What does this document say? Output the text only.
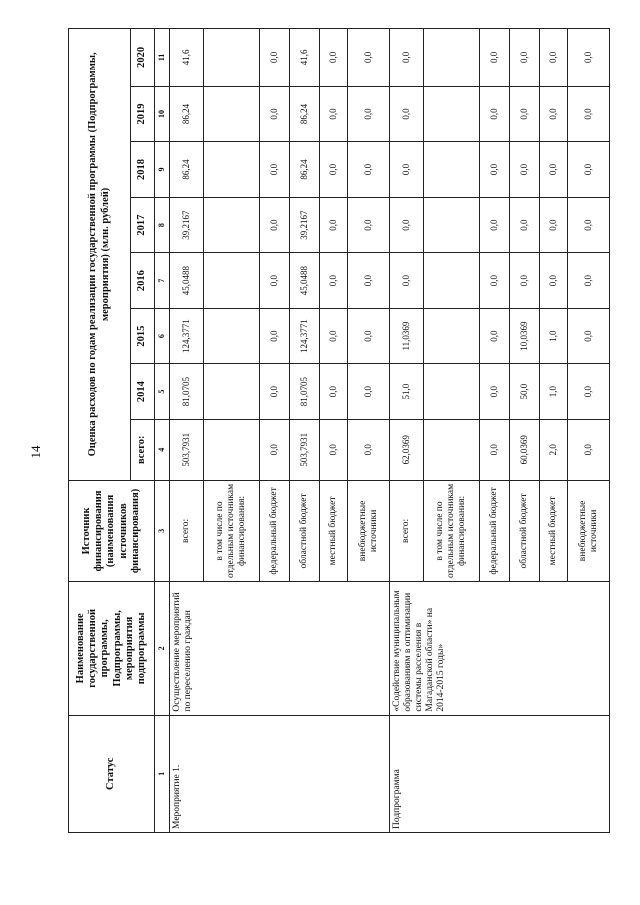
14
Статус	Наименование государственной программы, Подпрограммы, мероприятия подпрограммы	Источник финансирования (наименования источников финансирования)	Оценка расходов по годам реализации государственной программы (Подпрограммы, мероприятия) (млн. рублей)							
			всего:	2014	2015	2016	2017	2018	2019	2020
1	2	3	4	5	6	7	8	9	10	11
Мероприятие 1.	Осуществление мероприятий по переселению граждан	всего:	503,7931	81,0705	124,3771	45,0488	39,2167	86,24	86,24	41,6
		в том числе по отдельным источникам финансирования:								
		федеральный бюджет	0,0	0,0	0,0	0,0	0,0	0,0	0,0	0,0
		областной бюджет	503,7931	81,0705	124,3771	45,0488	39,2167	86,24	86,24	41,6
		местный бюджет	0,0	0,0	0,0	0,0	0,0	0,0	0,0	0,0
		внебюджетные источники	0,0	0,0	0,0	0,0	0,0	0,0	0,0	0,0
Подпрограмма	«Содействие муниципальным образованиям в оптимизации системы расселения в Магаданской области» на 2014-2015 годы»	всего:	62,0369	51,0	11,0369	0,0	0,0	0,0	0,0	0,0
		в том числе по отдельным источникам финансирования:								
		федеральный бюджет	0,0	0,0	0,0	0,0	0,0	0,0	0,0	0,0
		областной бюджет	60,0369	50,0	10,0369	0,0	0,0	0,0	0,0	0,0
		местный бюджет	2,0	1,0	1,0	0,0	0,0	0,0	0,0	0,0
		внебюджетные источники	0,0	0,0	0,0	0,0	0,0	0,0	0,0	0,0
